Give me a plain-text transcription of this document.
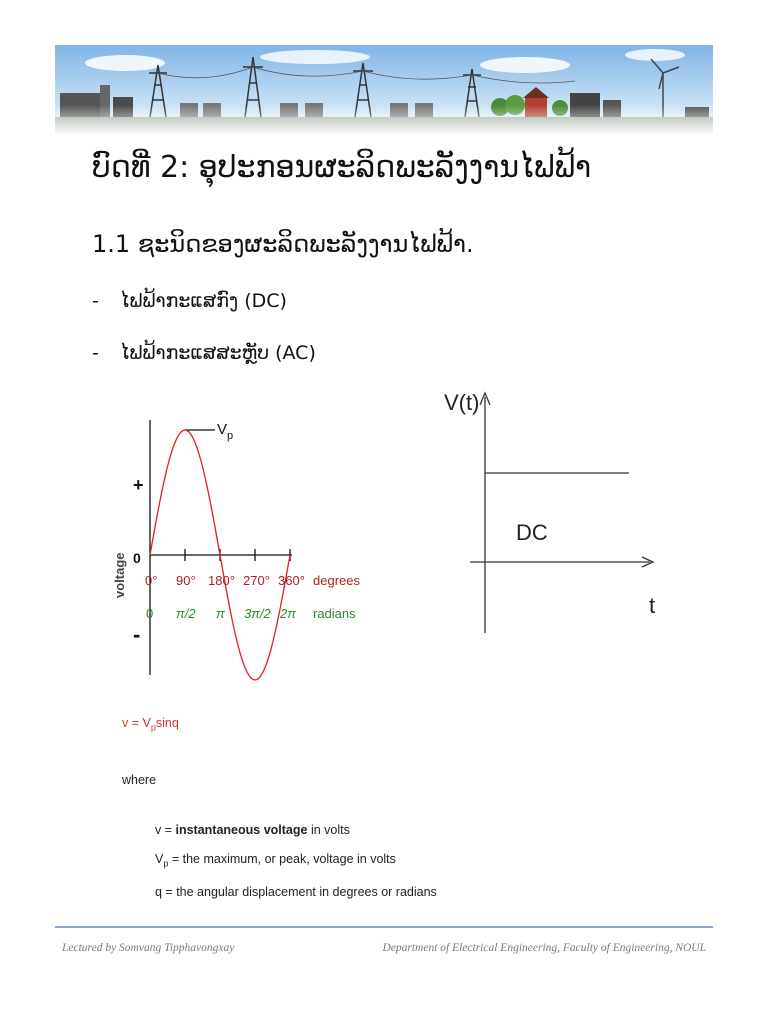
ບົດທີ່ 2: ອຸປະກອນຜະລິດພະລັງງານໄຟຟ້າ
1.1 ຊະນິດຂອງຜະລິດພະລັງງານໄຟຟ້າ.
- ໄຟຟ້າກະແສກົງ (DC)
- ໄຟຟ້າກະແສສະຫຼັບ (AC)
$V_p$
+
0
-
voltage 0° 90° 180° 270° 360° degrees
0 π/2 π 3π/2 2π radians
$v = V_p\sin q$
where
v = instantaneous voltage in volts
$V_p$ = the maximum, or peak, voltage in volts
q = the angular displacement in degrees or radians
V(t)
t
DC
Lectured by Somvang Tipphavongxay	Department of Electrical Engineering, Faculty of Engineering, NOUL
